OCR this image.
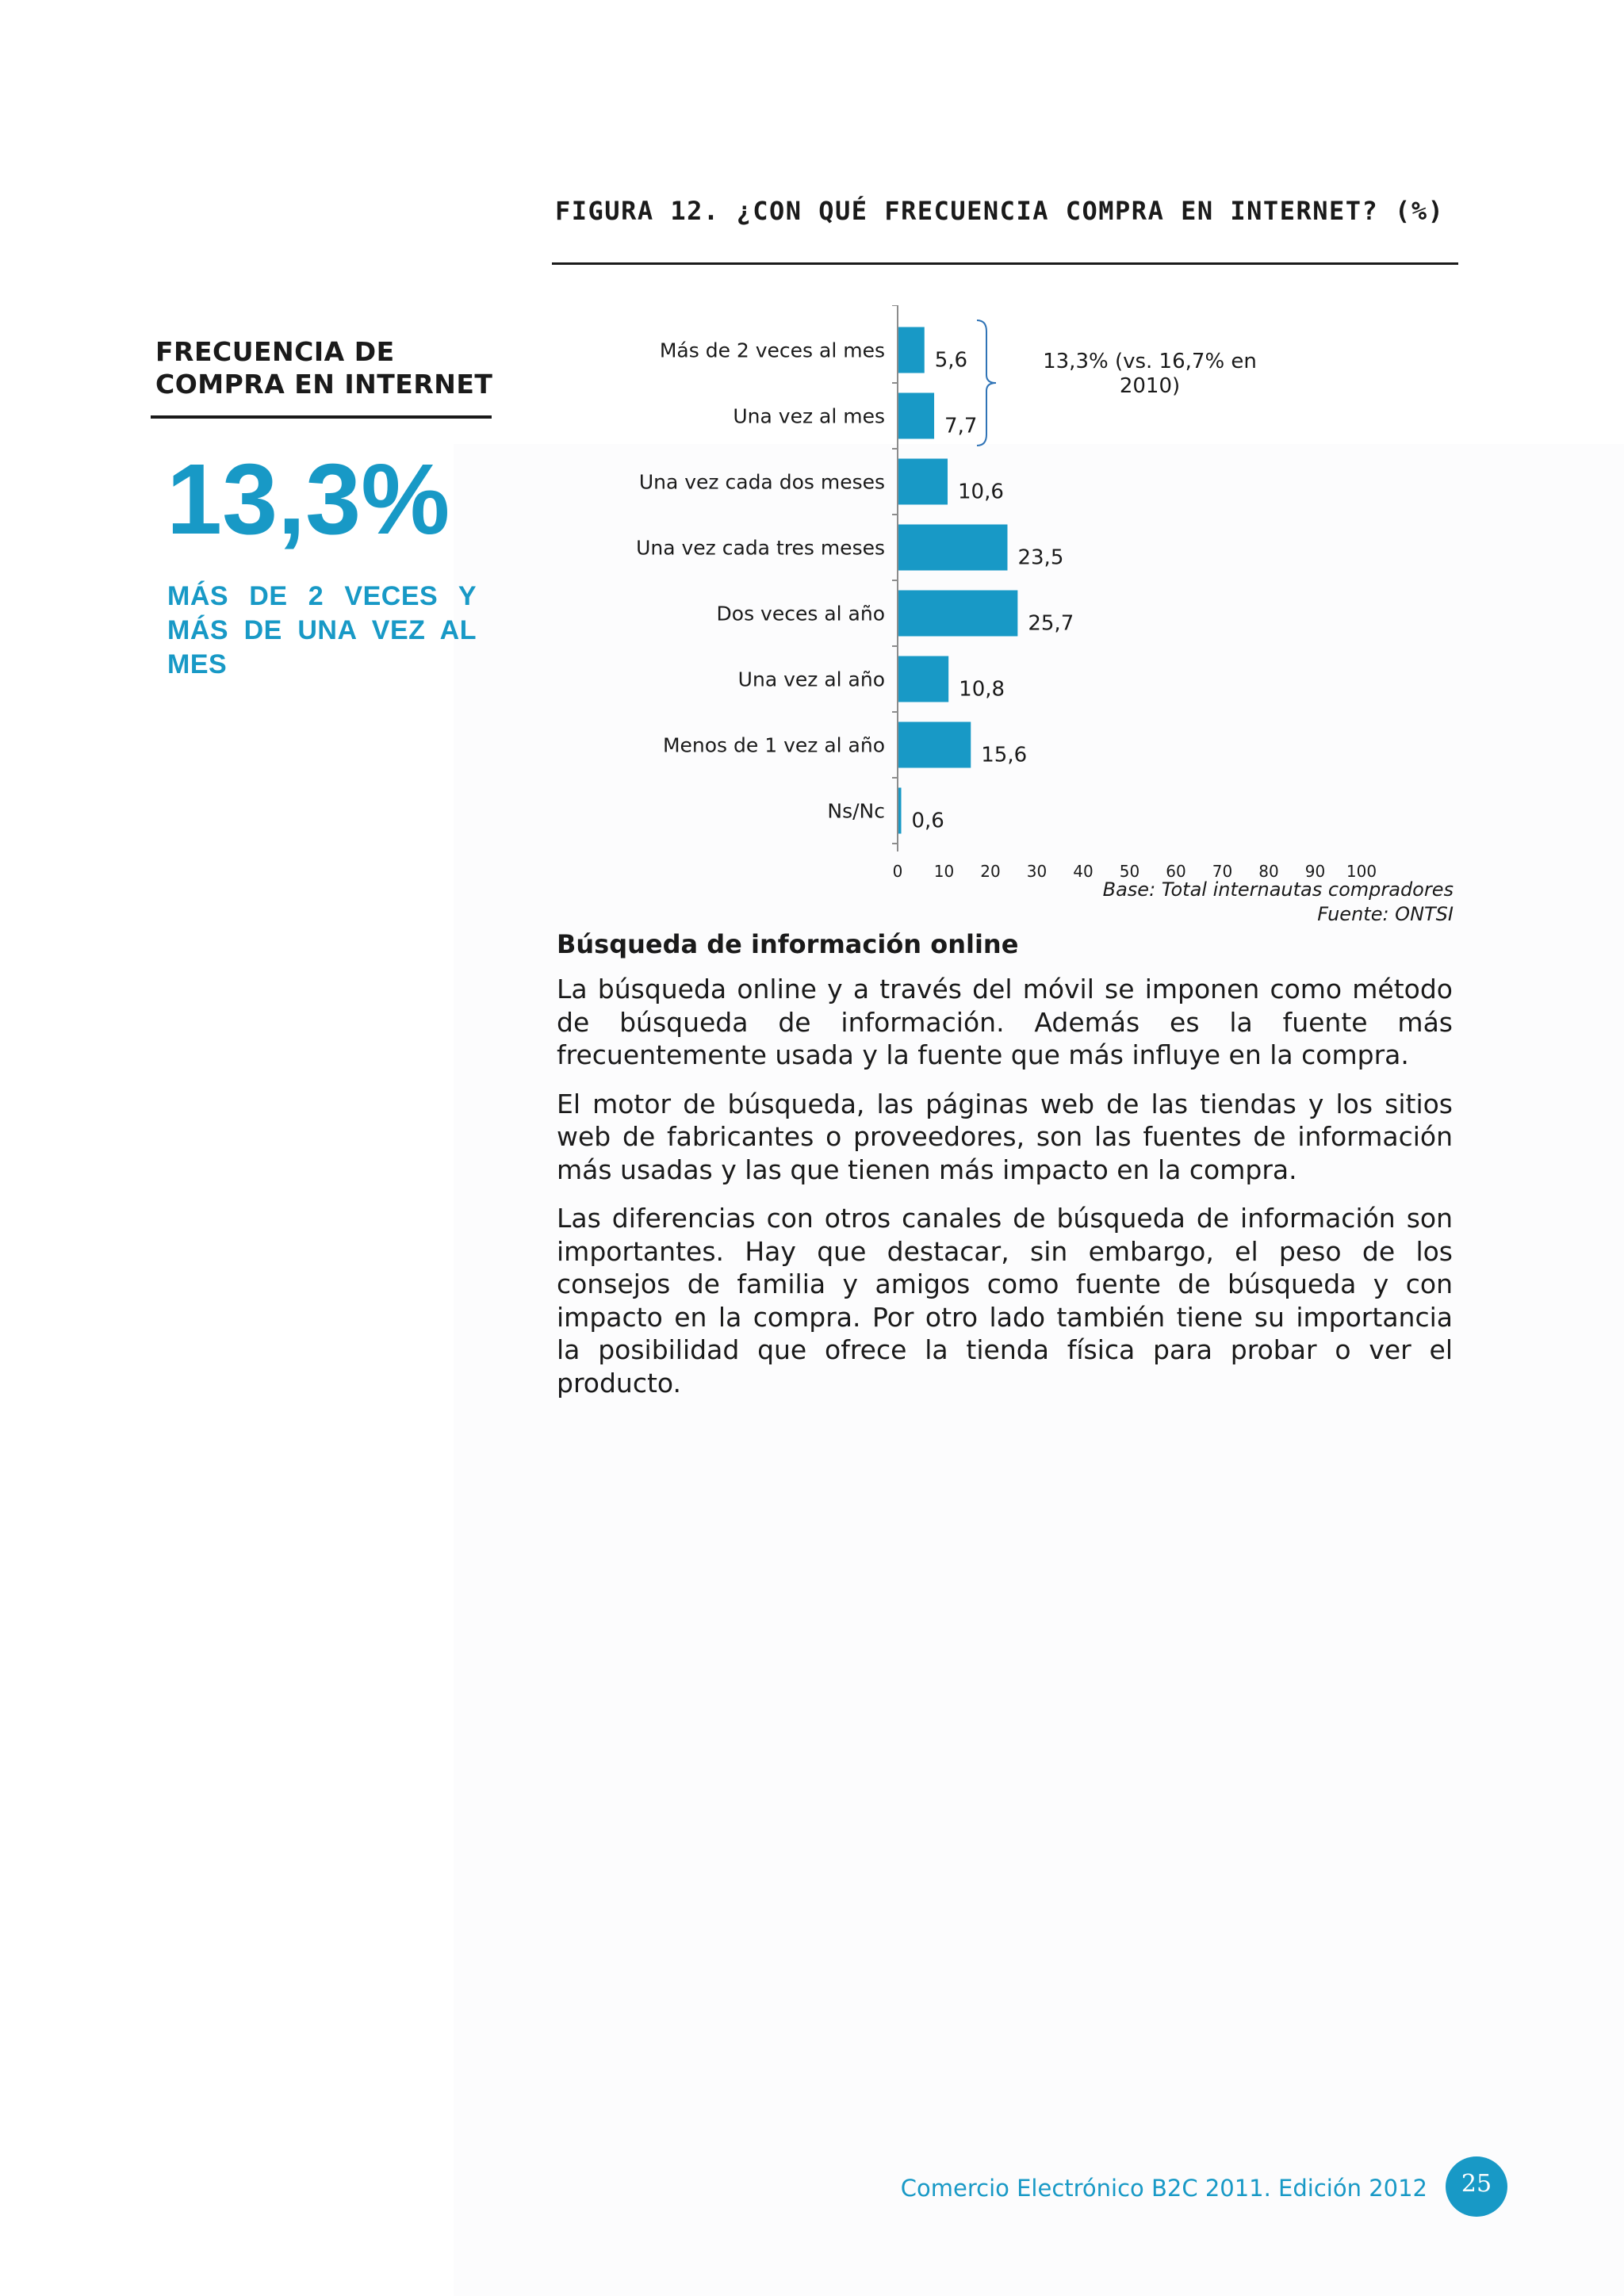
FIGURA 12. ¿CON QUÉ FRECUENCIA COMPRA EN INTERNET? (%)
FRECUENCIA DE COMPRA EN INTERNET
13,3%
MÁS DE 2 VECES Y MÁS DE UNA VEZ AL MES
0 10 20 30 40 50 60 70 80 90 100
Más de 2 veces al mes 5,6
Una vez al mes	7,7
Una vez cada dos meses	10,6
Una vez cada tres meses	23,5
Dos veces al año	25,7
Una vez al año	10,8
Menos de 1 vez al año	15,6
Ns/Nc 0,6
13,3% (vs. 16,7% en
2010)
Base: Total internautas compradores
Fuente: ONTSI
Búsqueda de información online

La búsqueda online y a través del móvil se imponen como método de búsqueda de información. Además es la fuente más frecuentemente usada y la fuente que más influye en la compra.

El motor de búsqueda, las páginas web de las tiendas y los sitios web de fabricantes o proveedores, son las fuentes de información más usadas y las que tienen más impacto en la compra.

Las diferencias con otros canales de búsqueda de información son importantes. Hay que destacar, sin embargo, el peso de los consejos de familia y amigos como fuente de búsqueda y con impacto en la compra. Por otro lado también tiene su importancia la posibilidad que ofrece la tienda física para probar o ver el producto.

Comercio Electrónico B2C 2011. Edición 2012	25
